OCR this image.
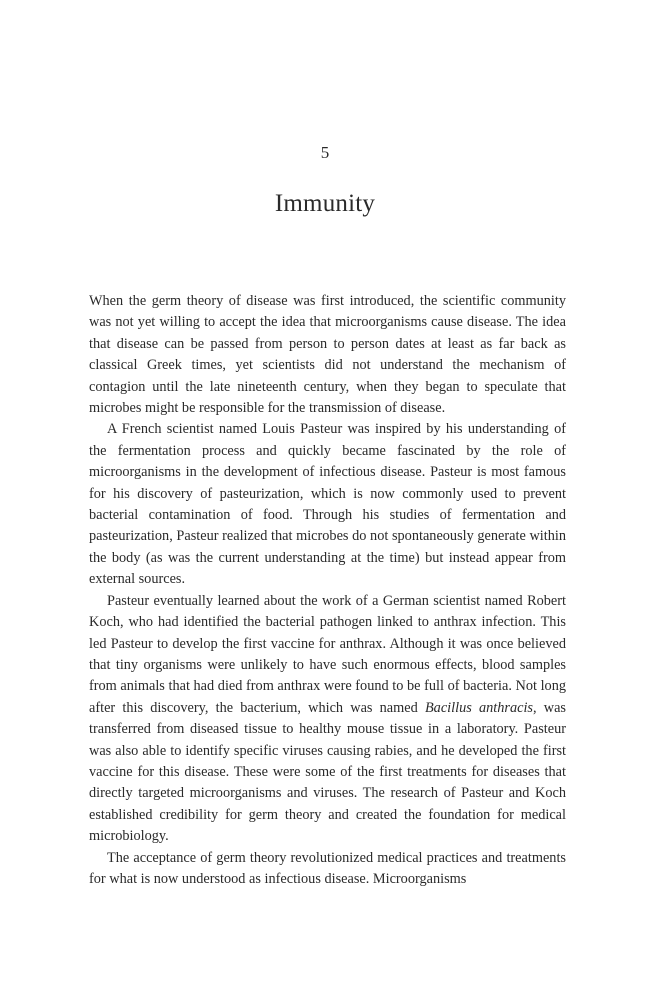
5
Immunity

When the germ theory of disease was first introduced, the scientific community was not yet willing to accept the idea that microorganisms cause disease. The idea that disease can be passed from person to person dates at least as far back as classical Greek times, yet scientists did not understand the mechanism of contagion until the late nineteenth century, when they began to speculate that microbes might be responsible for the transmission of disease.

A French scientist named Louis Pasteur was inspired by his understanding of the fermentation process and quickly became fascinated by the role of microorganisms in the development of infectious disease. Pasteur is most famous for his discovery of pasteurization, which is now commonly used to prevent bacterial contamination of food. Through his studies of fermentation and pasteurization, Pasteur realized that microbes do not spontaneously generate within the body (as was the current understanding at the time) but instead appear from external sources.

Pasteur eventually learned about the work of a German scientist named Robert Koch, who had identified the bacterial pathogen linked to anthrax infection. This led Pasteur to develop the first vaccine for anthrax. Although it was once believed that tiny organisms were unlikely to have such enormous effects, blood samples from animals that had died from anthrax were found to be full of bacteria. Not long after this discovery, the bacterium, which was named Bacillus anthracis, was transferred from diseased tissue to healthy mouse tissue in a laboratory. Pasteur was also able to identify specific viruses causing rabies, and he developed the first vaccine for this disease. These were some of the first treatments for diseases that directly targeted microorganisms and viruses. The research of Pasteur and Koch established credibility for germ theory and created the foundation for medical microbiology.

The acceptance of germ theory revolutionized medical practices and treatments for what is now understood as infectious disease. Microorganisms
